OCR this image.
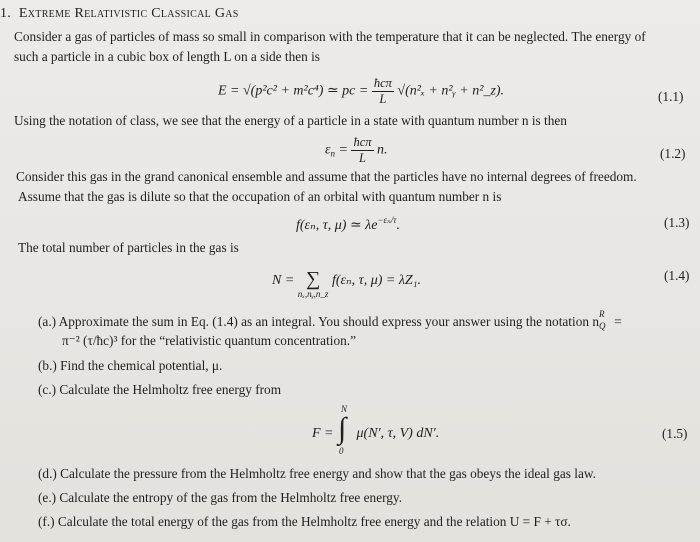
1. Extreme Relativistic Classical Gas
Consider a gas of particles of mass so small in comparison with the temperature that it can be neglected. The energy of
such a particle in a cubic box of length L on a side then is
E = √(p²c² + m²c⁴) ≃ pc = $\frac{\text{ħcπ}}{L} √(n^2_x$ + n²ᵧ + n²_z).	(1.1)
Using the notation of class, we see that the energy of a particle in a state with quantum number n is then
$\varepsilon_n = \frac{\text{ħcπ}}{L} n$.	(1.2)
Consider this gas in the grand canonical ensemble and assume that the particles have no internal degrees of freedom.
Assume that the gas is dilute so that the occupation of an orbital with quantum number n is
f(εₙ, τ, μ) ≃ $\lambda e^{-\varepsilon_n/\tau}$.	(1.3)
The total number of particles in the gas is
N = ∑
nₓ,nᵧ,n_z
f(εₙ, τ, μ) = λZ₁.	(1.4)
(a.) Approximate the sum in Eq. (1.4) as an integral. You should express your answer using the notation n R
Q =
π⁻² (τ/ħc)³ for the “relativistic quantum concentration.”
(b.) Find the chemical potential, μ.
(c.) Calculate the Helmholtz free energy from
F =
N
∫
0
μ(N′, τ, V) dN′.	(1.5)
(d.) Calculate the pressure from the Helmholtz free energy and show that the gas obeys the ideal gas law.
(e.) Calculate the entropy of the gas from the Helmholtz free energy.
(f.) Calculate the total energy of the gas from the Helmholtz free energy and the relation U = F + τσ.
